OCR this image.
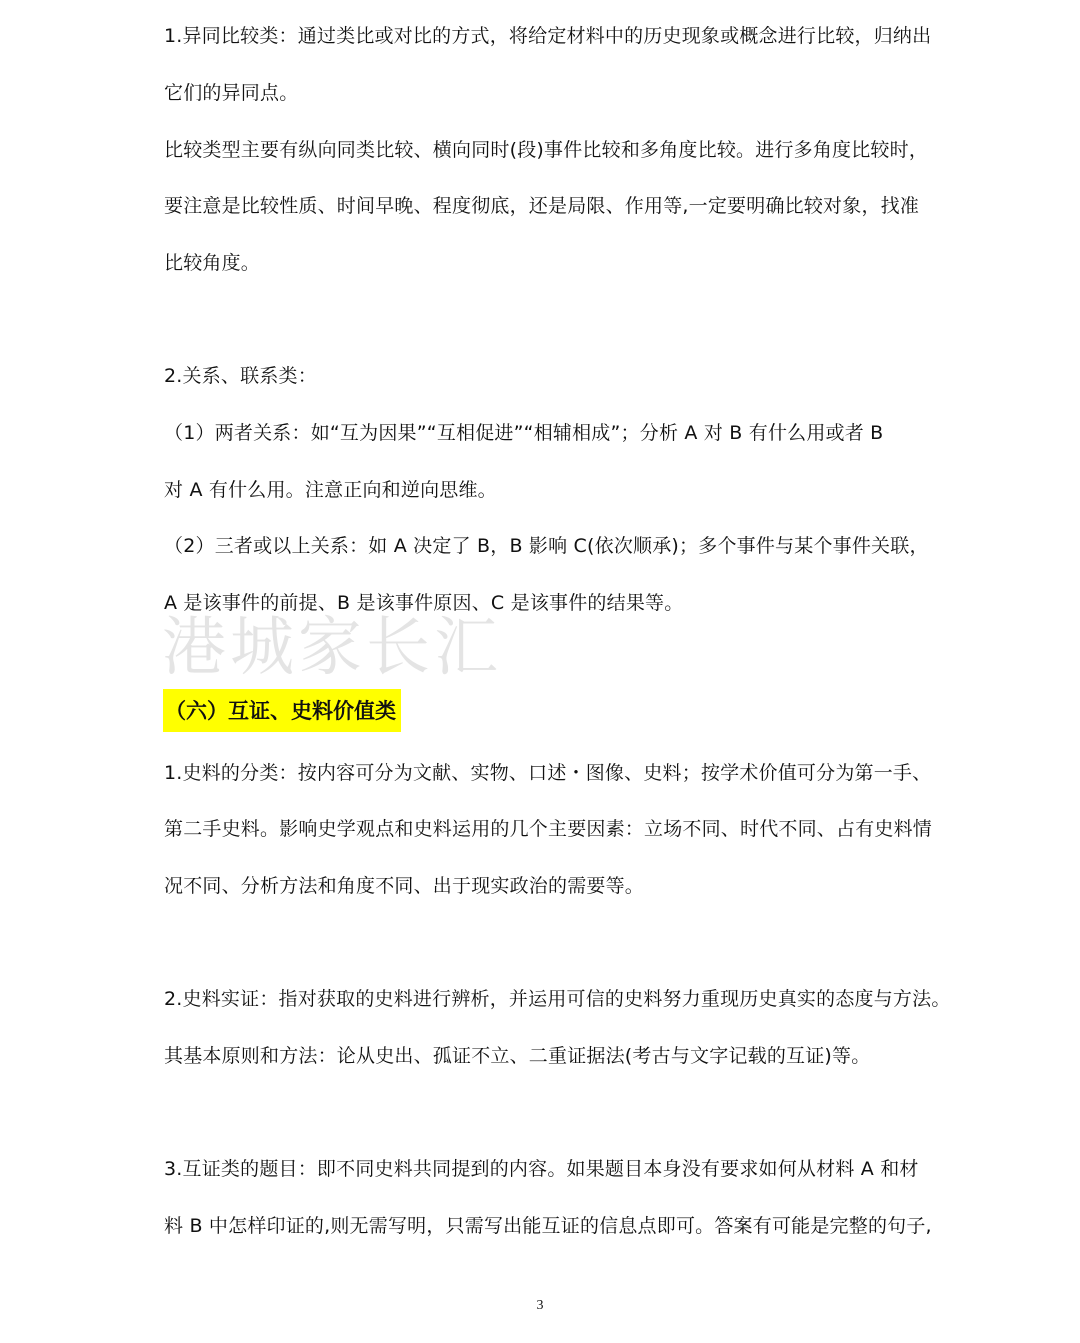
1.异同比较类：通过类比或对比的方式，将给定材料中的历史现象或概念进行比较，归纳出
它们的异同点。
比较类型主要有纵向同类比较、横向同时(段)事件比较和多角度比较。进行多角度比较时，
要注意是比较性质、时间早晚、程度彻底，还是局限、作用等,一定要明确比较对象，找准
比较角度。
2.关系、联系类：
（1）两者关系：如“互为因果”“互相促进”“相辅相成”；分析 A 对 B 有什么用或者 B
对 A 有什么用。注意正向和逆向思维。
（2）三者或以上关系：如 A 决定了 B，B 影响 C(依次顺承)；多个事件与某个事件关联，
A 是该事件的前提、B 是该事件原因、C 是该事件的结果等。
港城家长汇
（六）互证、史料价值类
1.史料的分类：按内容可分为文献、实物、口述・图像、史料；按学术价值可分为第一手、
第二手史料。影响史学观点和史料运用的几个主要因素：立场不同、时代不同、占有史料情
况不同、分析方法和角度不同、出于现实政治的需要等。
2.史料实证：指对获取的史料进行辨析，并运用可信的史料努力重现历史真实的态度与方法。
其基本原则和方法：论从史出、孤证不立、二重证据法(考古与文字记载的互证)等。
3.互证类的题目：即不同史料共同提到的内容。如果题目本身没有要求如何从材料 A 和材
料 B 中怎样印证的,则无需写明，只需写出能互证的信息点即可。答案有可能是完整的句子,
3
